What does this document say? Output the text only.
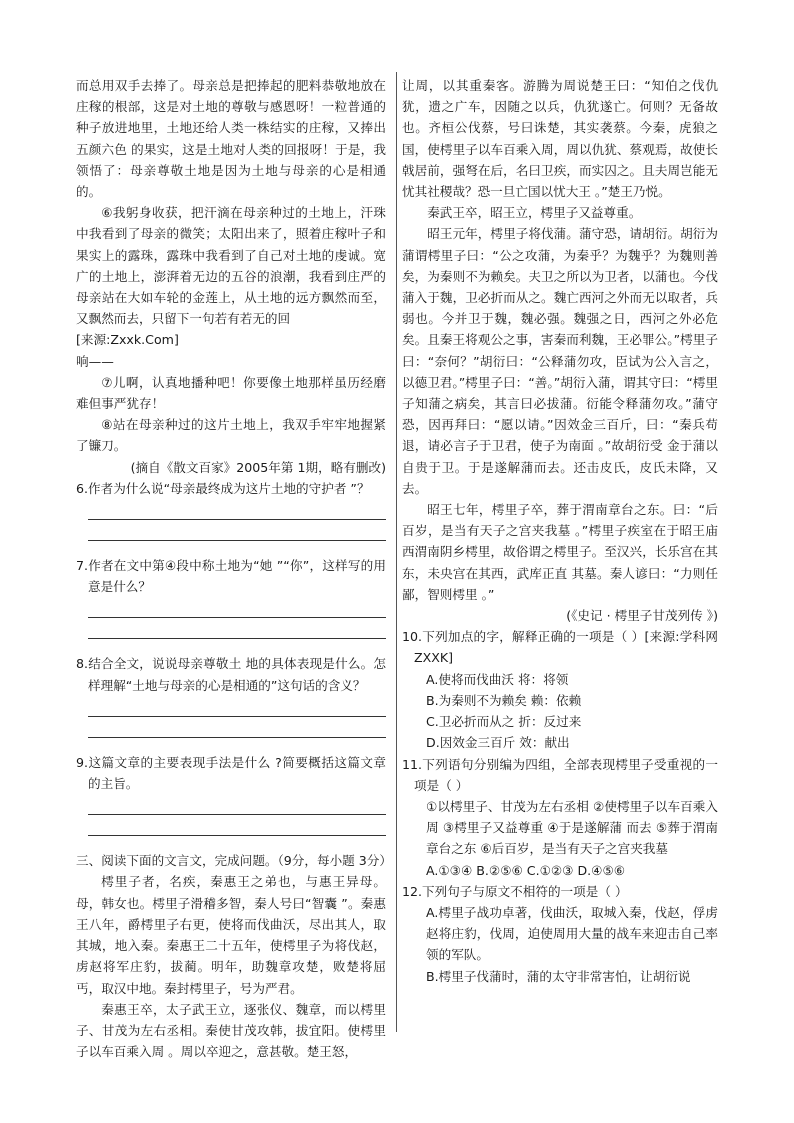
而总用双手去捧了。母亲总是把捧起的肥料恭敬地放在庄稼的根部，这是对土地的尊敬与感恩呀！一粒普通的种子放进地里，土地还给人类一株结实的庄稼，又捧出五颜六色 的果实，这是土地对人类的回报呀！于是，我领悟了：母亲尊敬土地是因为土地与母亲的心是相通的。

⑥我躬身收获，把汗滴在母亲种过的土地上，汗珠中我看到了母亲的微笑；太阳出来了，照着庄稼叶子和果实上的露珠，露珠中我看到了自己对土地的虔诚。宽广的土地上，澎湃着无边的五谷的浪潮，我看到庄严的母亲站在大如车轮的金莲上，从土地的远方飘然而至，又飘然而去，只留下一句若有若无的回

[来源:Zxxk.Com]

响——

⑦儿啊，认真地播种吧！你要像土地那样虽历经磨难但事严犹存！

⑧站在母亲种过的这片土地上，我双手牢牢地握紧了镰刀。

(摘自《散文百家》2005年第 1期，略有删改)

6.作者为什么说“母亲最终成为这片土地的守护者 ”？

7.作者在文中第④段中称土地为“她 ”“你”，这样写的用意是什么？

8.结合全文，说说母亲尊敬土 地的具体表现是什么。怎样理解“土地与母亲的心是相通的”这句话的含义？

9.这篇文章的主要表现手法是什么 ?简要概括这篇文章的主旨。

三、阅读下面的文言文，完成问题。（9分，每小题 3分）

樗里子者，名疾，秦惠王之弟也，与惠王异母。母，韩女也。樗里子滑稽多智，秦人号曰“智囊 ”。秦惠王八年，爵樗里子右更，使将而伐曲沃，尽出其人，取其城，地入秦。秦惠王二十五年，使樗里子为将伐赵，虏赵将军庄豹，拔蔺。明年，助魏章攻楚，败楚将屈丐，取汉中地。秦封樗里子，号为严君。

秦惠王卒，太子武王立，逐张仪、魏章，而以樗里子、甘茂为左右丞相。秦使甘茂攻韩，拔宜阳。使樗里子以车百乘入周 。周以卒迎之，意甚敬。楚王怒，

让周，以其重秦客。游腾为周说楚王曰：“知伯之伐仇犹，遗之广车，因随之以兵，仇犹遂亡。何则？无备故也。齐桓公伐蔡，号曰诛楚，其实袭蔡。今秦，虎狼之国，使樗里子以车百乘入周，周以仇犹、蔡观焉，故使长戟居前，强弩在后，名曰卫疾，而实囚之。且夫周岂能无忧其社稷哉？恐一旦亡国以忧大王 。”楚王乃悦。

秦武王卒，昭王立，樗里子又益尊重。

昭王元年，樗里子将伐蒲。蒲守恐，请胡衍。胡衍为蒲谓樗里子曰：“公之攻蒲，为秦乎？为魏乎？为魏则善矣，为秦则不为赖矣。夫卫之所以为卫者，以蒲也。今伐蒲入于魏，卫必折而从之。魏亡西河之外而无以取者，兵弱也。今并卫于魏，魏必强。魏强之日，西河之外必危矣。且秦王将观公之事，害秦而利魏，王必罪公。”樗里子曰：“奈何？”胡衍曰：“公释蒲勿攻，臣试为公入言之，以德卫君。”樗里子曰：“善。”胡衍入蒲，谓其守曰：“樗里子知蒲之病矣，其言曰必拔蒲。衍能令释蒲勿攻。”蒲守恐，因再拜曰：“愿以请。”因效金三百斤，曰：“秦兵苟退，请必言子于卫君，使子为南面 。”故胡衍受 金于蒲以自贵于卫。于是遂解蒲而去。还击皮氏，皮氏未降，又去。

昭王七年，樗里子卒，葬于渭南章台之东。曰：“后百岁，是当有天子之宫夹我墓 。”樗里子疾室在于昭王庙西渭南阴乡樗里，故俗谓之樗里子。至汉兴，长乐宫在其东，未央宫在其西，武库正直 其墓。秦人谚曰：“力则任鄙，智则樗里 。”

(《史记 · 樗里子甘茂列传 》)

10.下列加点的字，解释正确的一项是（ ）[来源:学科网 ZXXK]

A.使将而伐曲沃 将：将领

B.为秦则不为赖矣 赖：依赖

C.卫必折而从之 折：反过来

D.因效金三百斤 效：献出

11.下列语句分别编为四组，全部表现樗里子受重视的一项是（ ）

①以樗里子、甘茂为左右丞相 ②使樗里子以车百乘入周 ③樗里子又益尊重 ④于是遂解蒲 而去 ⑤葬于渭南章台之东 ⑥后百岁，是当有天子之宫夹我墓

A.①③④ B.②⑤⑥ C.①②③ D.④⑤⑥

12.下列句子与原文不相符的一项是（ ）

A.樗里子战功卓著，伐曲沃，取城入秦，伐赵，俘虏赵将庄豹，伐周，迫使周用大量的战车来迎击自己率领的军队。

B.樗里子伐蒲时，蒲的太守非常害怕，让胡衍说
